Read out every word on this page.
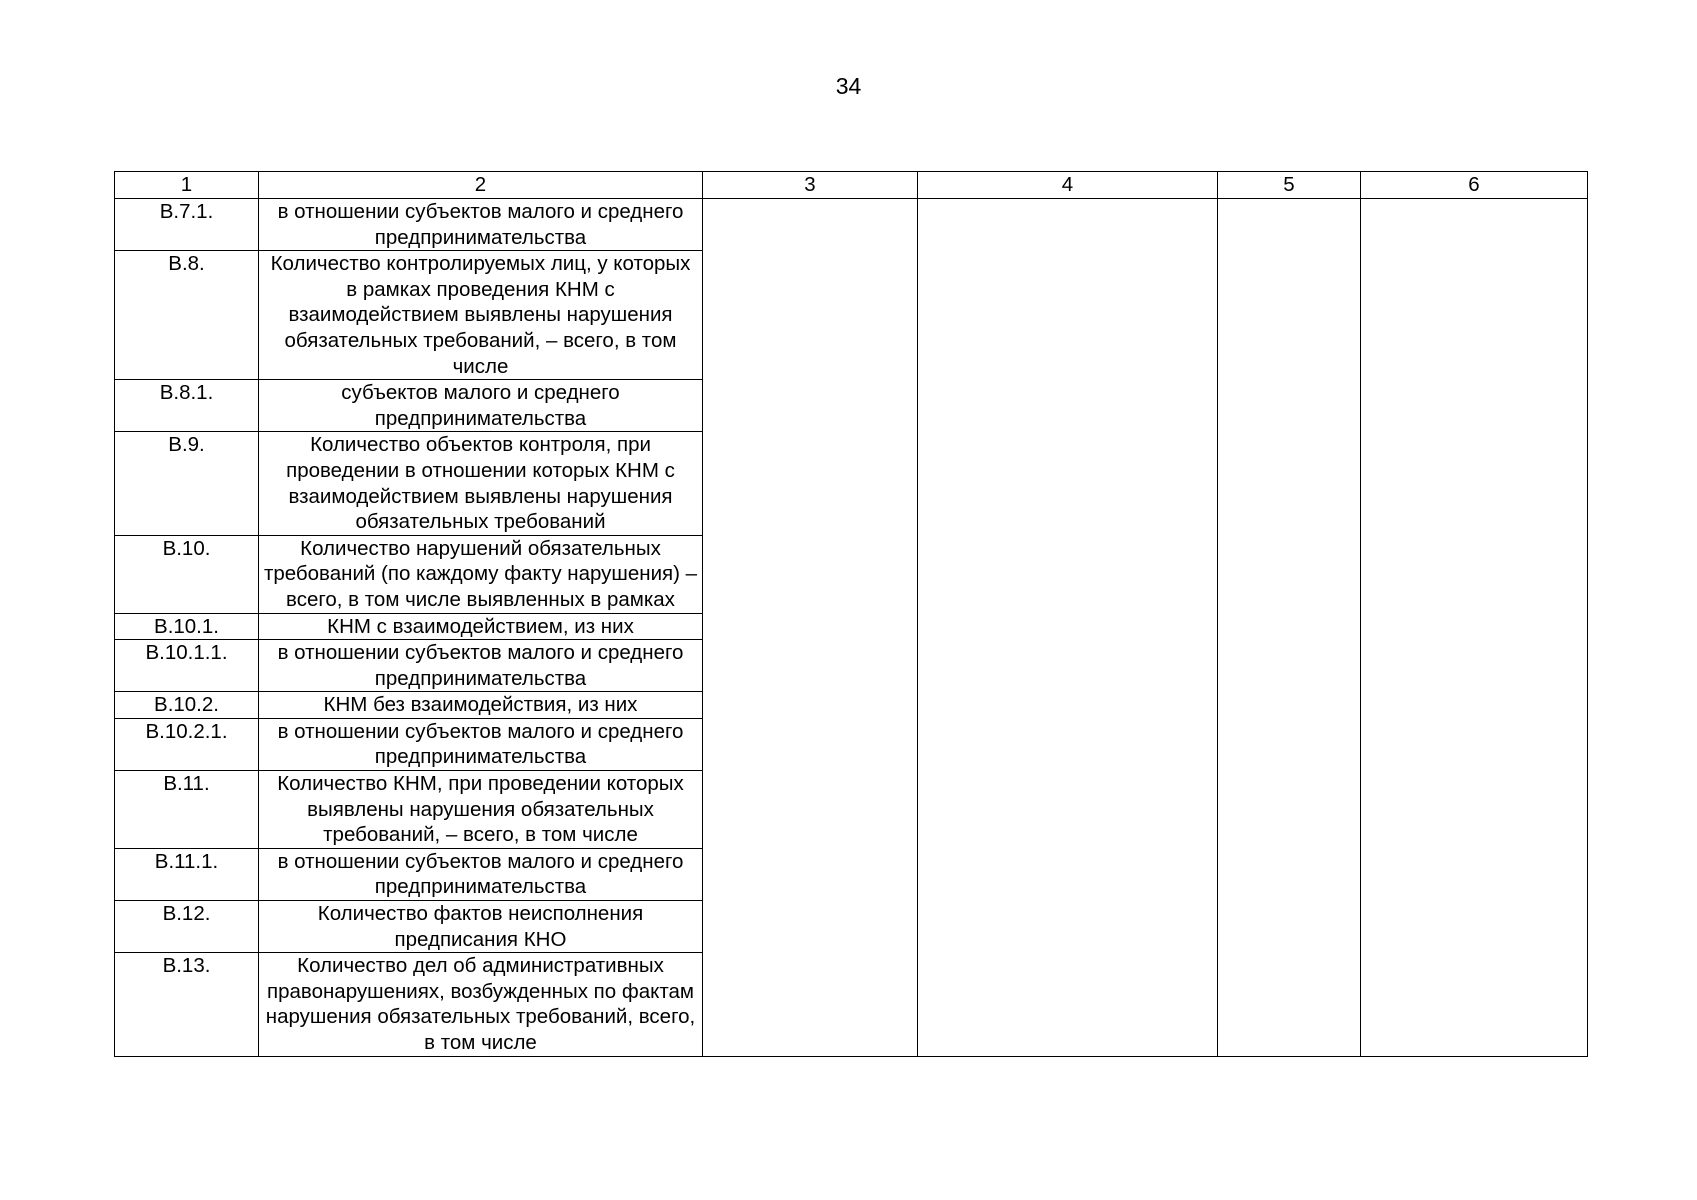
34
1	2	3	4	5	6
В.7.1.	в отношении субъектов малого и среднего предпринимательства				
В.8.	Количество контролируемых лиц, у которых в рамках проведения КНМ с взаимодействием выявлены нарушения обязательных требований, – всего, в том числе				
В.8.1.	субъектов малого и среднего предпринимательства				
В.9.	Количество объектов контроля, при проведении в отношении которых КНМ с взаимодействием выявлены нарушения обязательных требований				
В.10.	Количество нарушений обязательных требований (по каждому факту нарушения) – всего, в том числе выявленных в рамках				
В.10.1.	КНМ с взаимодействием, из них				
В.10.1.1.	в отношении субъектов малого и среднего предпринимательства				
В.10.2.	КНМ без взаимодействия, из них				
В.10.2.1.	в отношении субъектов малого и среднего предпринимательства				
В.11.	Количество КНМ, при проведении которых выявлены нарушения обязательных требований, – всего, в том числе				
В.11.1.	в отношении субъектов малого и среднего предпринимательства				
В.12.	Количество фактов неисполнения предписания КНО				
В.13.	Количество дел об административных правонарушениях, возбужденных по фактам нарушения обязательных требований, всего, в том числе				
